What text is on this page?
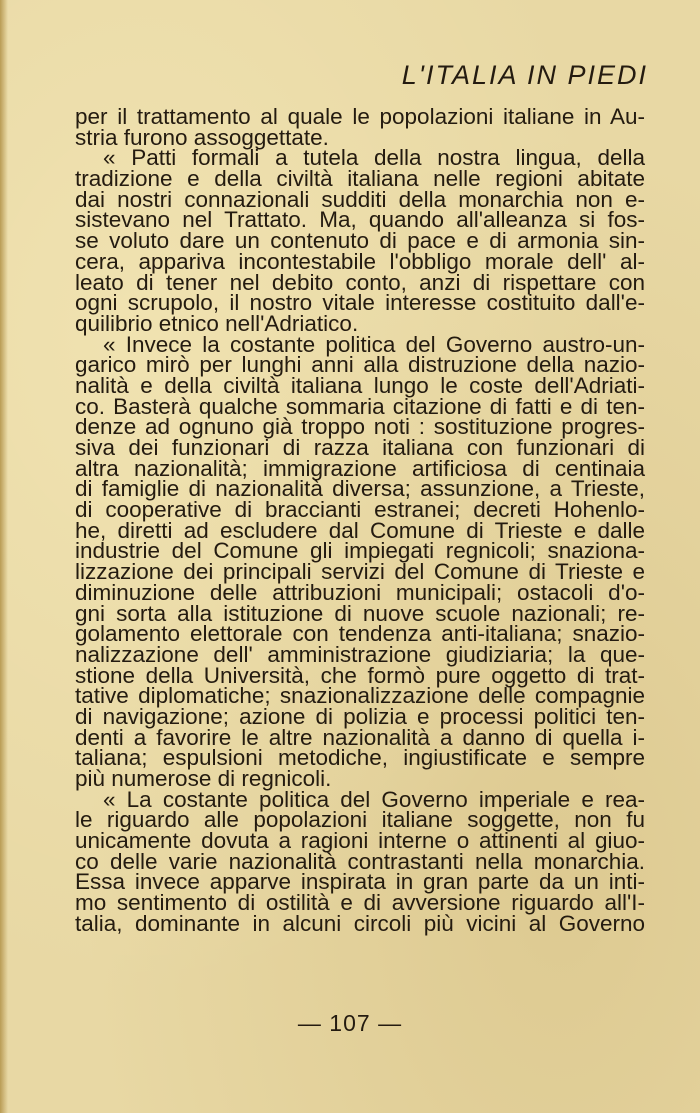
L'ITALIA IN PIEDI
per il trattamento al quale le popolazioni italiane in Au-
stria furono assoggettate.
« Patti formali a tutela della nostra lingua, della
tradizione e della civiltà italiana nelle regioni abitate
dai nostri connazionali sudditi della monarchia non e-
sistevano nel Trattato. Ma, quando all'alleanza si fos-
se voluto dare un contenuto di pace e di armonia sin-
cera, appariva incontestabile l'obbligo morale dell' al-
leato di tener nel debito conto, anzi di rispettare con
ogni scrupolo, il nostro vitale interesse costituito dall'e-
quilibrio etnico nell'Adriatico.
« Invece la costante politica del Governo austro-un-
garico mirò per lunghi anni alla distruzione della nazio-
nalità e della civiltà italiana lungo le coste dell'Adriati-
co. Basterà qualche sommaria citazione di fatti e di ten-
denze ad ognuno già troppo noti : sostituzione progres-
siva dei funzionari di razza italiana con funzionari di
altra nazionalità; immigrazione artificiosa di centinaia
di famiglie di nazionalità diversa; assunzione, a Trieste,
di cooperative di braccianti estranei; decreti Hohenlo-
he, diretti ad escludere dal Comune di Trieste e dalle
industrie del Comune gli impiegati regnicoli; snaziona-
lizzazione dei principali servizi del Comune di Trieste e
diminuzione delle attribuzioni municipali; ostacoli d'o-
gni sorta alla istituzione di nuove scuole nazionali; re-
golamento elettorale con tendenza anti-italiana; snazio-
nalizzazione dell' amministrazione giudiziaria; la que-
stione della Università, che formò pure oggetto di trat-
tative diplomatiche; snazionalizzazione delle compagnie
di navigazione; azione di polizia e processi politici ten-
denti a favorire le altre nazionalità a danno di quella i-
taliana; espulsioni metodiche, ingiustificate e sempre
più numerose di regnicoli.
« La costante politica del Governo imperiale e rea-
le riguardo alle popolazioni italiane soggette, non fu
unicamente dovuta a ragioni interne o attinenti al giuo-
co delle varie nazionalità contrastanti nella monarchia.
Essa invece apparve inspirata in gran parte da un inti-
mo sentimento di ostilità e di avversione riguardo all'I-
talia, dominante in alcuni circoli più vicini al Governo
— 107 —
